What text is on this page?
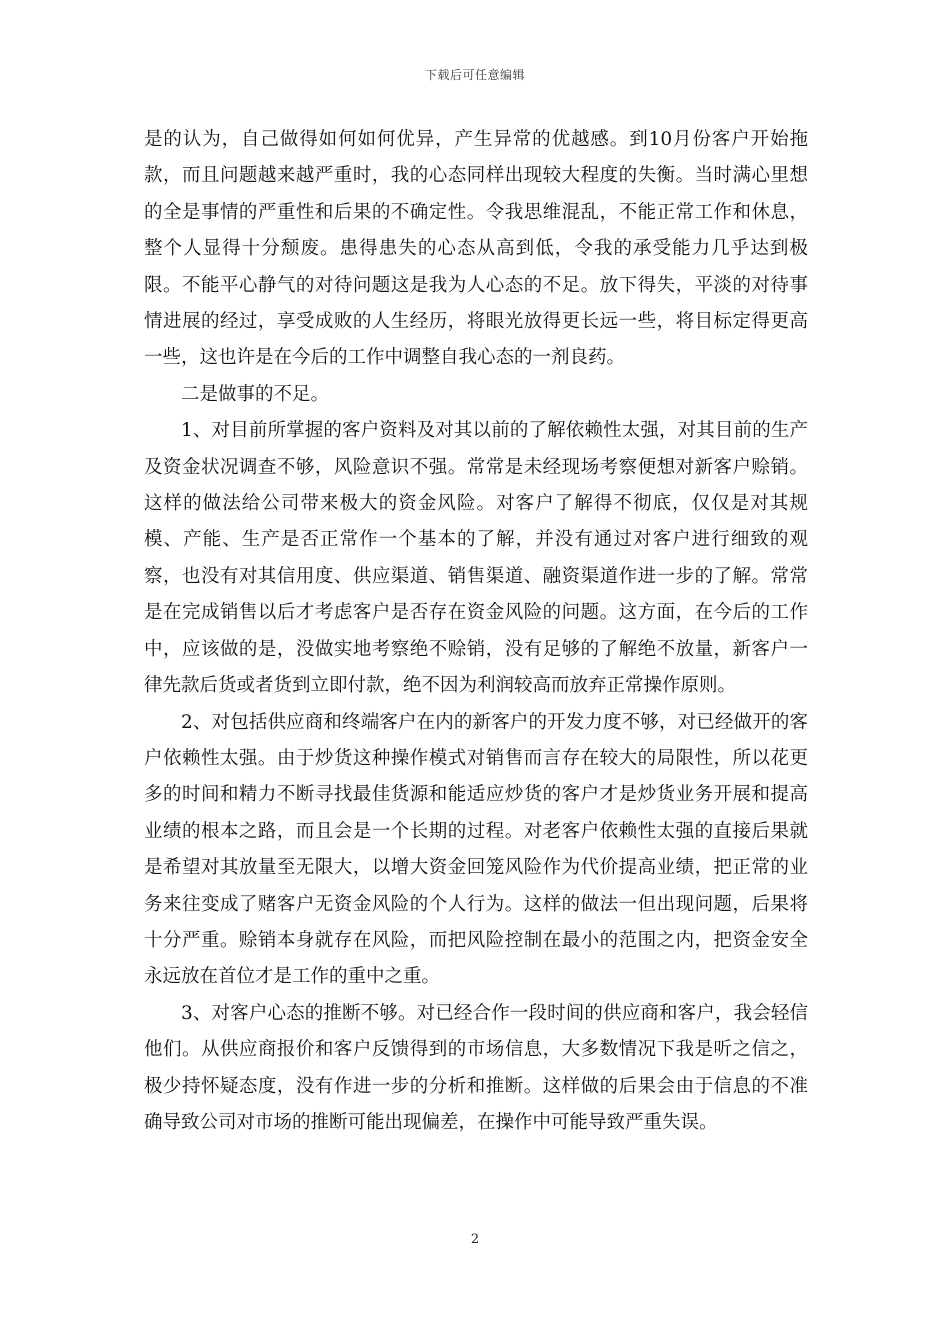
下载后可任意编辑

是的认为，自己做得如何如何优异，产生异常的优越感。到10月份客户开始拖款，而且问题越来越严重时，我的心态同样出现较大程度的失衡。当时满心里想的全是事情的严重性和后果的不确定性。令我思维混乱，不能正常工作和休息，整个人显得十分颓废。患得患失的心态从高到低，令我的承受能力几乎达到极限。不能平心静气的对待问题这是我为人心态的不足。放下得失，平淡的对待事情进展的经过，享受成败的人生经历，将眼光放得更长远一些，将目标定得更高一些，这也许是在今后的工作中调整自我心态的一剂良药。

二是做事的不足。

1、对目前所掌握的客户资料及对其以前的了解依赖性太强，对其目前的生产及资金状况调查不够，风险意识不强。常常是未经现场考察便想对新客户赊销。这样的做法给公司带来极大的资金风险。对客户了解得不彻底，仅仅是对其规模、产能、生产是否正常作一个基本的了解，并没有通过对客户进行细致的观察，也没有对其信用度、供应渠道、销售渠道、融资渠道作进一步的了解。常常是在完成销售以后才考虑客户是否存在资金风险的问题。这方面，在今后的工作中，应该做的是，没做实地考察绝不赊销，没有足够的了解绝不放量，新客户一律先款后货或者货到立即付款，绝不因为利润较高而放弃正常操作原则。

2、对包括供应商和终端客户在内的新客户的开发力度不够，对已经做开的客户依赖性太强。由于炒货这种操作模式对销售而言存在较大的局限性，所以花更多的时间和精力不断寻找最佳货源和能适应炒货的客户才是炒货业务开展和提高业绩的根本之路，而且会是一个长期的过程。对老客户依赖性太强的直接后果就是希望对其放量至无限大，以增大资金回笼风险作为代价提高业绩，把正常的业务来往变成了赌客户无资金风险的个人行为。这样的做法一但出现问题，后果将十分严重。赊销本身就存在风险，而把风险控制在最小的范围之内，把资金安全永远放在首位才是工作的重中之重。

3、对客户心态的推断不够。对已经合作一段时间的供应商和客户，我会轻信他们。从供应商报价和客户反馈得到的市场信息，大多数情况下我是听之信之，极少持怀疑态度，没有作进一步的分析和推断。这样做的后果会由于信息的不准确导致公司对市场的推断可能出现偏差，在操作中可能导致严重失误。

2
